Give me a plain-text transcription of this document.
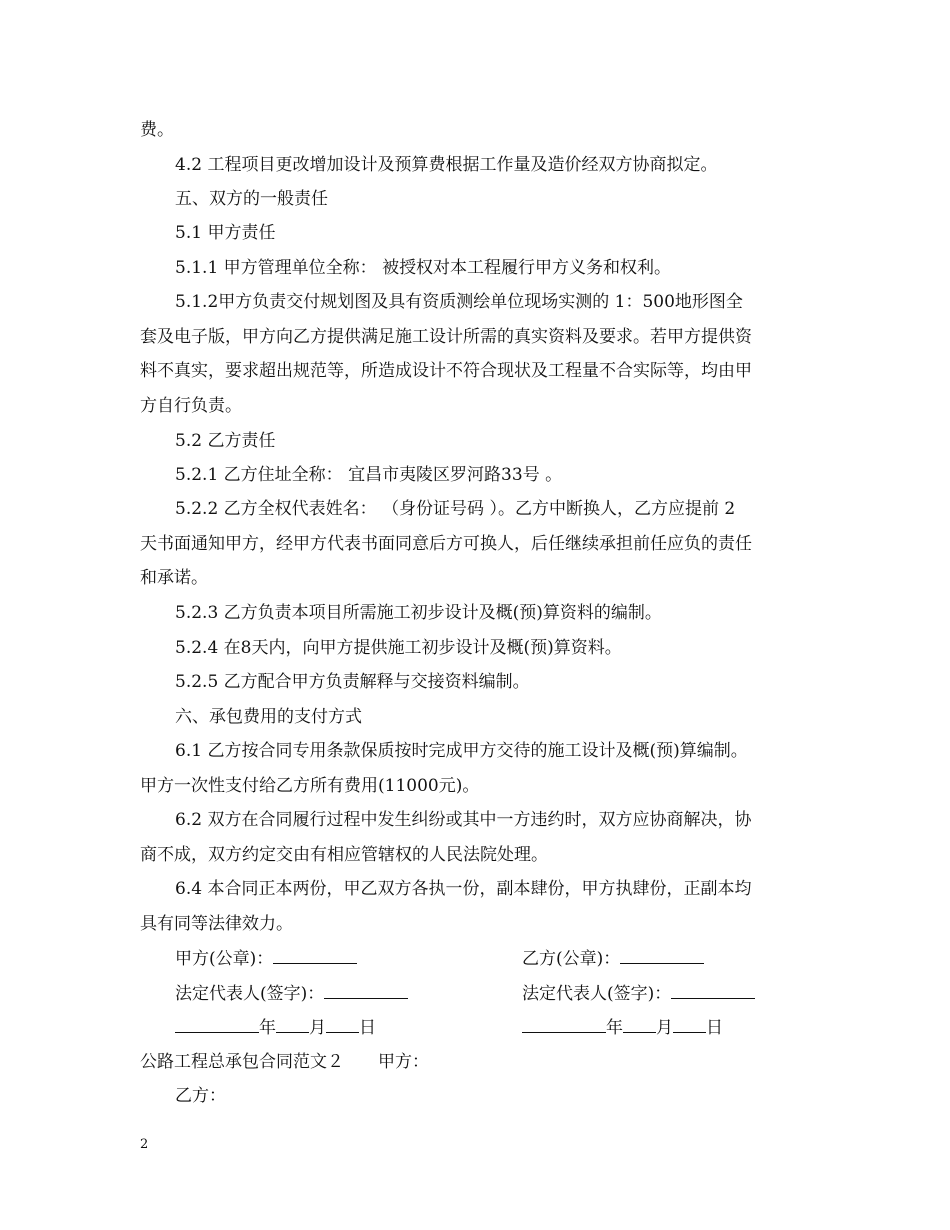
费。
4.2 工程项目更改增加设计及预算费根据工作量及造价经双方协商拟定。
五、双方的一般责任
5.1 甲方责任
5.1.1 甲方管理单位全称： 被授权对本工程履行甲方义务和权利。
5.1.2甲方负责交付规划图及具有资质测绘单位现场实测的 1：500地形图全
套及电子版，甲方向乙方提供满足施工设计所需的真实资料及要求。若甲方提供资
料不真实，要求超出规范等，所造成设计不符合现状及工程量不合实际等，均由甲
方自行负责。
5.2 乙方责任
5.2.1 乙方住址全称： 宜昌市夷陵区罗河路33号 。
5.2.2 乙方全权代表姓名： （身份证号码 ）。乙方中断换人，乙方应提前 2
天书面通知甲方，经甲方代表书面同意后方可换人，后任继续承担前任应负的责任
和承诺。
5.2.3 乙方负责本项目所需施工初步设计及概(预)算资料的编制。
5.2.4 在8天内，向甲方提供施工初步设计及概(预)算资料。
5.2.5 乙方配合甲方负责解释与交接资料编制。
六、承包费用的支付方式
6.1 乙方按合同专用条款保质按时完成甲方交待的施工设计及概(预)算编制。
甲方一次性支付给乙方所有费用(11000元)。
6.2 双方在合同履行过程中发生纠纷或其中一方违约时，双方应协商解决，协
商不成，双方约定交由有相应管辖权的人民法院处理。
6.4 本合同正本两份，甲乙双方各执一份，副本肆份，甲方执肆份，正副本均
具有同等法律效力。
甲方(公章)：	乙方(公章)：
法定代表人(签字)：	法定代表人(签字)：
年 月 日	年 月 日
公路工程总承包合同范文２ 甲方：
乙方：
2
